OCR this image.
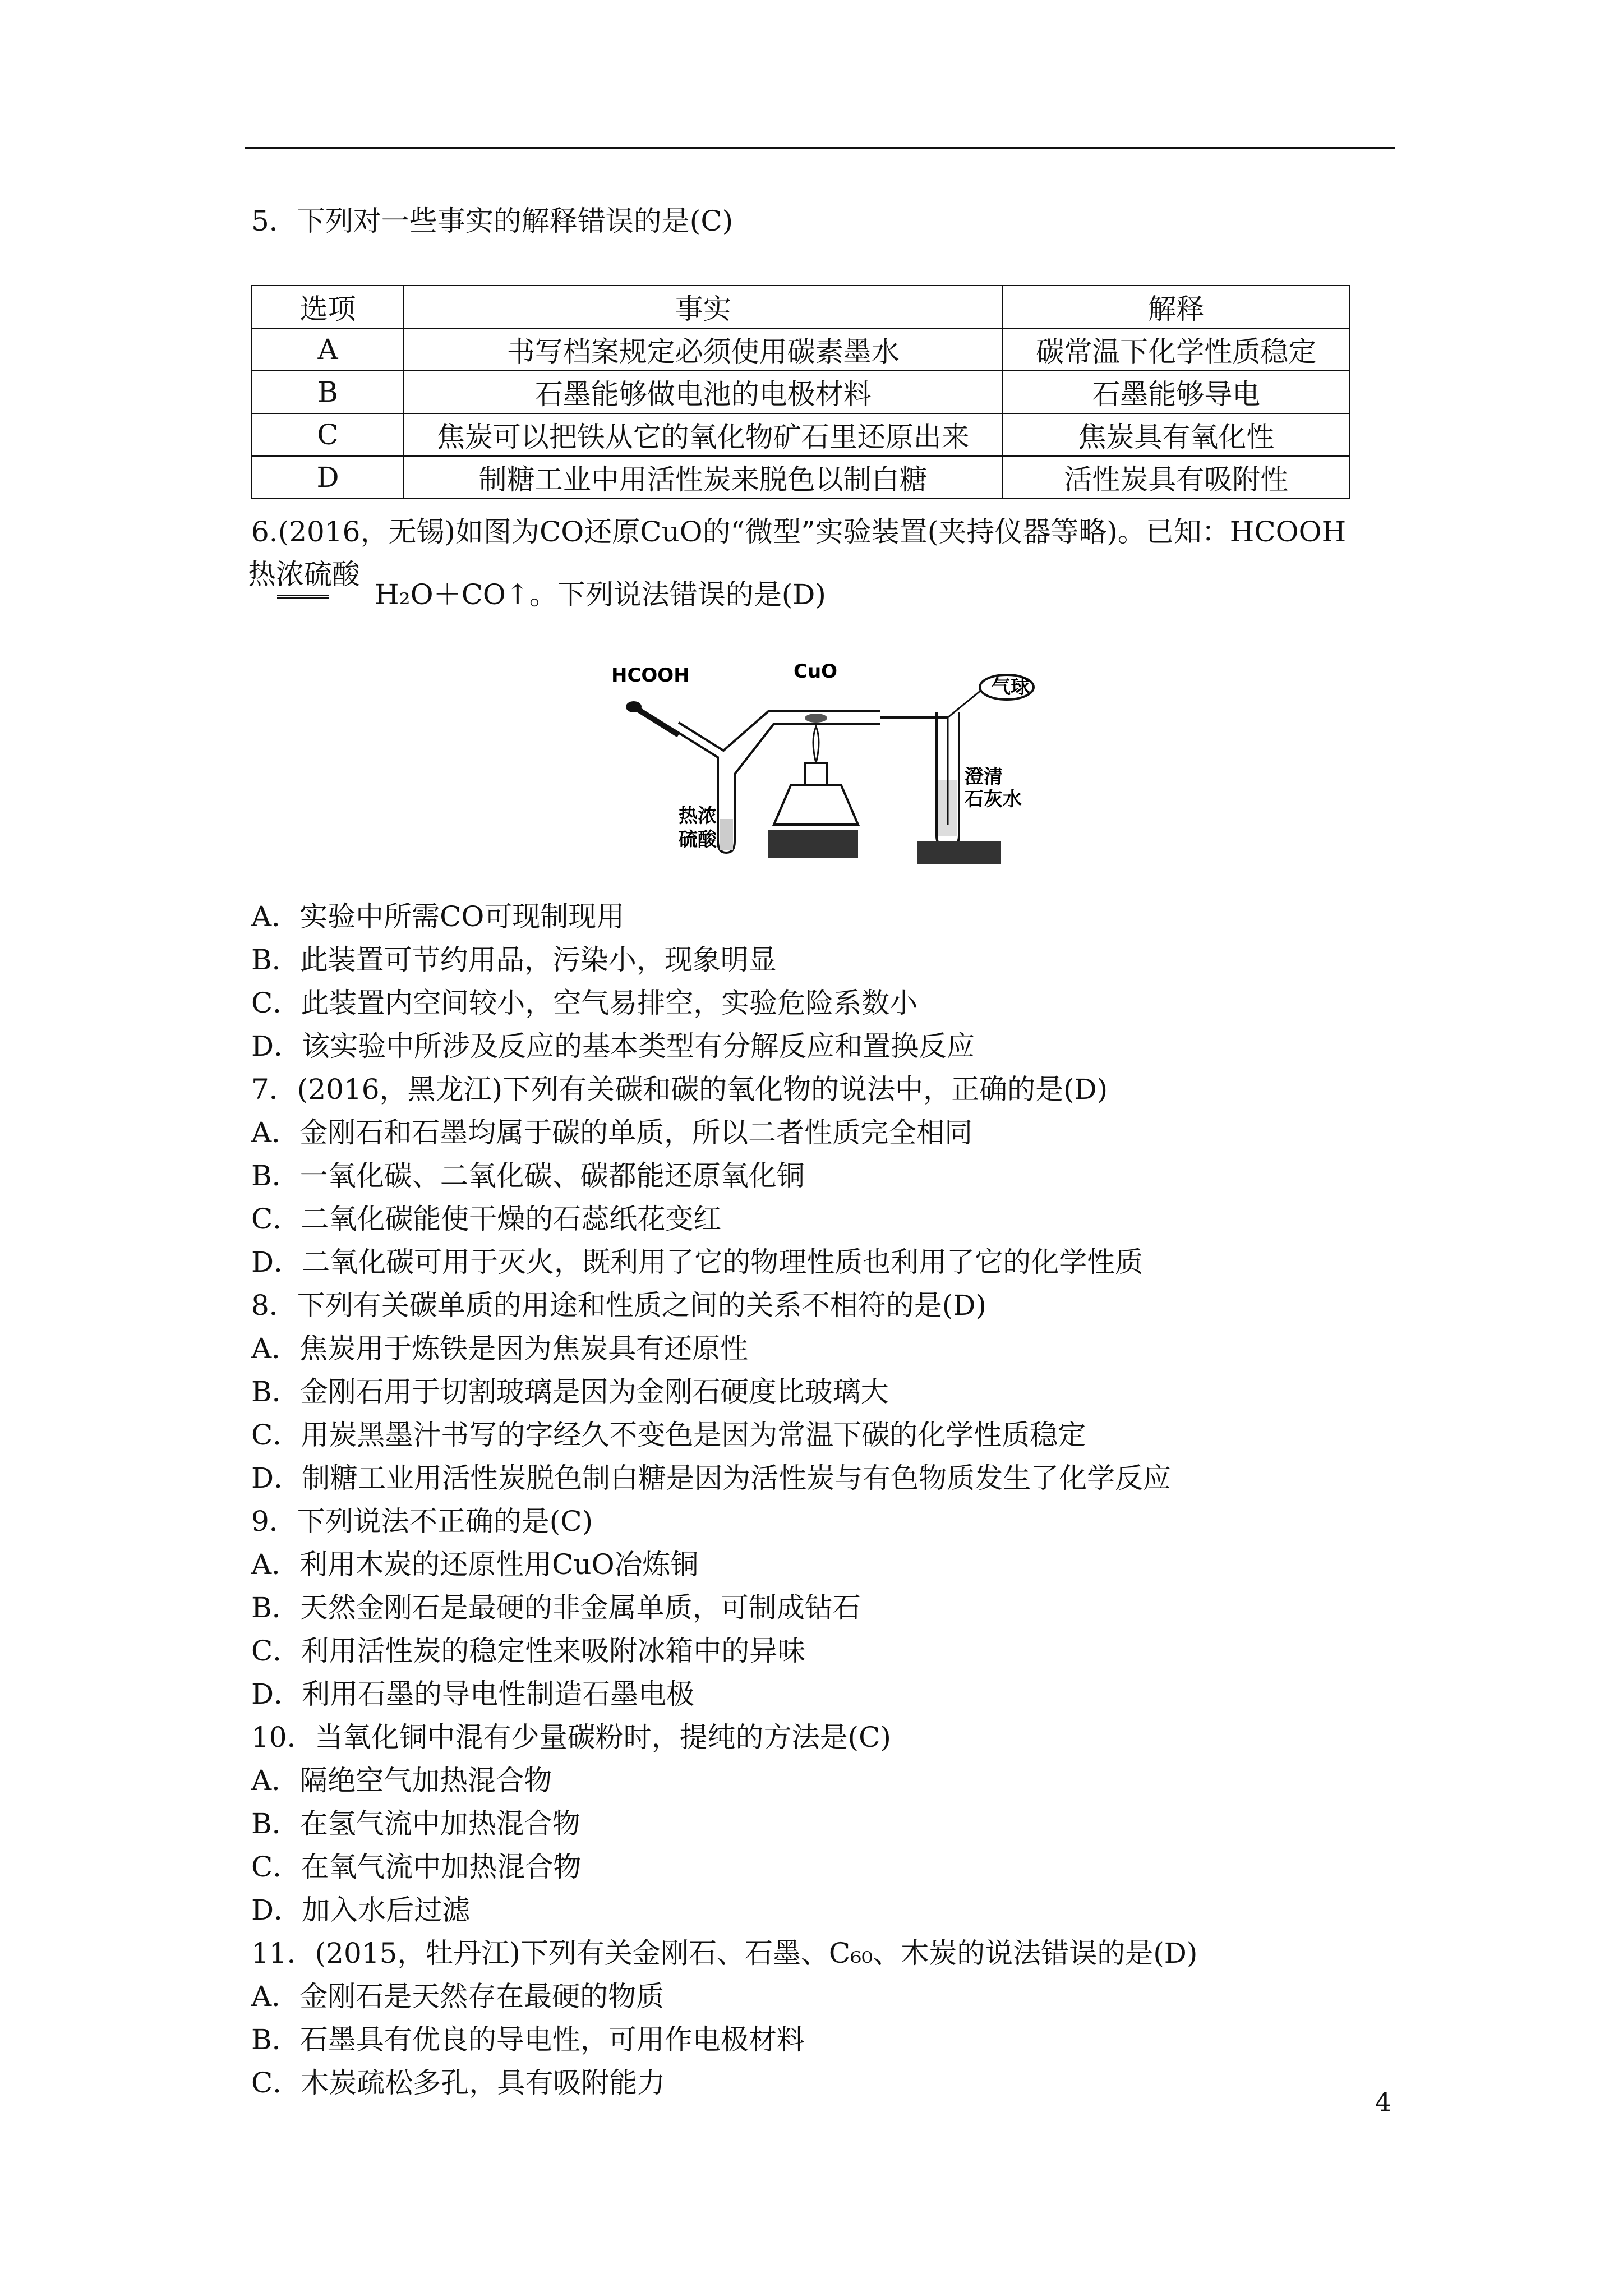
5．下列对一些事实的解释错误的是(C)
选项	事实	解释
A	书写档案规定必须使用碳素墨水	碳常温下化学性质稳定
B	石墨能够做电池的电极材料	石墨能够导电
C	焦炭可以把铁从它的氧化物矿石里还原出来	焦炭具有氧化性
D	制糖工业中用活性炭来脱色以制白糖	活性炭具有吸附性
6.(2016，无锡)如图为CO还原CuO的“微型”实验装置(夹持仪器等略)。已知：HCOOH
热浓硫酸
H₂O＋CO↑。下列说法错误的是(D)
HCOOH	CuO
气球
澄清
石灰水
热浓
硫酸
A．实验中所需CO可现制现用
B．此装置可节约用品，污染小，现象明显
C．此装置内空间较小，空气易排空，实验危险系数小
D．该实验中所涉及反应的基本类型有分解反应和置换反应
7．(2016，黑龙江)下列有关碳和碳的氧化物的说法中，正确的是(D)
A．金刚石和石墨均属于碳的单质，所以二者性质完全相同
B．一氧化碳、二氧化碳、碳都能还原氧化铜
C．二氧化碳能使干燥的石蕊纸花变红
D．二氧化碳可用于灭火，既利用了它的物理性质也利用了它的化学性质
8．下列有关碳单质的用途和性质之间的关系不相符的是(D)
A．焦炭用于炼铁是因为焦炭具有还原性
B．金刚石用于切割玻璃是因为金刚石硬度比玻璃大
C．用炭黑墨汁书写的字经久不变色是因为常温下碳的化学性质稳定
D．制糖工业用活性炭脱色制白糖是因为活性炭与有色物质发生了化学反应
9．下列说法不正确的是(C)
A．利用木炭的还原性用CuO冶炼铜
B．天然金刚石是最硬的非金属单质，可制成钻石
C．利用活性炭的稳定性来吸附冰箱中的异味
D．利用石墨的导电性制造石墨电极
10．当氧化铜中混有少量碳粉时，提纯的方法是(C)
A．隔绝空气加热混合物
B．在氢气流中加热混合物
C．在氧气流中加热混合物
D．加入水后过滤
11．(2015，牡丹江)下列有关金刚石、石墨、C₆₀、木炭的说法错误的是(D)
A．金刚石是天然存在最硬的物质
B．石墨具有优良的导电性，可用作电极材料
C．木炭疏松多孔，具有吸附能力
4
